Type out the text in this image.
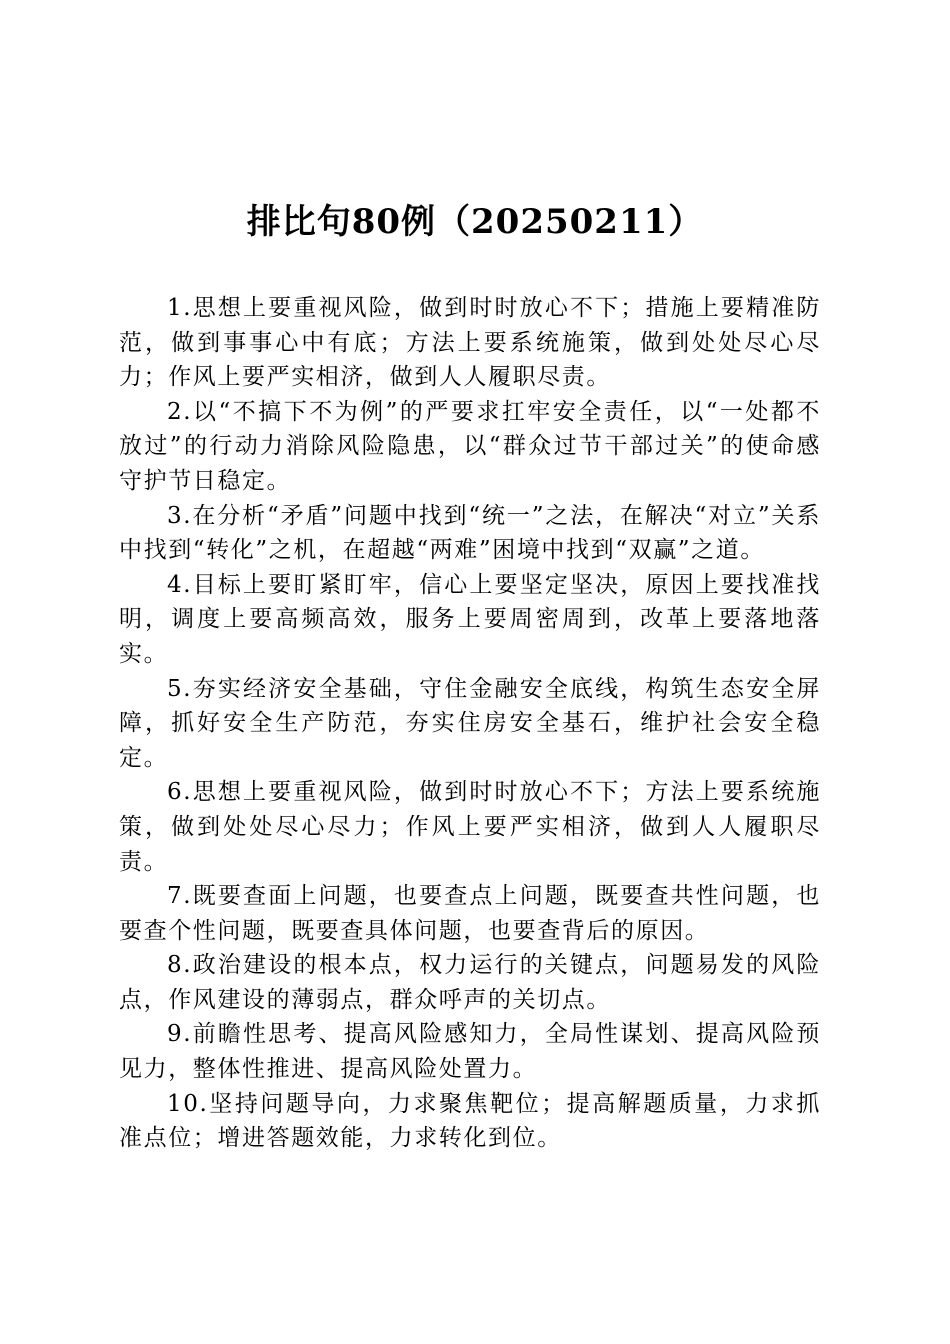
排比句80例（20250211）

1.思想上要重视风险，做到时时放心不下；措施上要精准防范，做到事事心中有底；方法上要系统施策，做到处处尽心尽力；作风上要严实相济，做到人人履职尽责。

2.以“不搞下不为例”的严要求扛牢安全责任，以“一处都不放过”的行动力消除风险隐患，以“群众过节干部过关”的使命感守护节日稳定。

3.在分析“矛盾”问题中找到“统一”之法，在解决“对立”关系中找到“转化”之机，在超越“两难”困境中找到“双赢”之道。

4.目标上要盯紧盯牢，信心上要坚定坚决，原因上要找准找明，调度上要高频高效，服务上要周密周到，改革上要落地落实。

5.夯实经济安全基础，守住金融安全底线，构筑生态安全屏障，抓好安全生产防范，夯实住房安全基石，维护社会安全稳定。

6.思想上要重视风险，做到时时放心不下；方法上要系统施策，做到处处尽心尽力；作风上要严实相济，做到人人履职尽责。

7.既要查面上问题，也要查点上问题，既要查共性问题，也要查个性问题，既要查具体问题，也要查背后的原因。

8.政治建设的根本点，权力运行的关键点，问题易发的风险点，作风建设的薄弱点，群众呼声的关切点。

9.前瞻性思考、提高风险感知力，全局性谋划、提高风险预见力，整体性推进、提高风险处置力。

10.坚持问题导向，力求聚焦靶位；提高解题质量，力求抓准点位；增进答题效能，力求转化到位。
